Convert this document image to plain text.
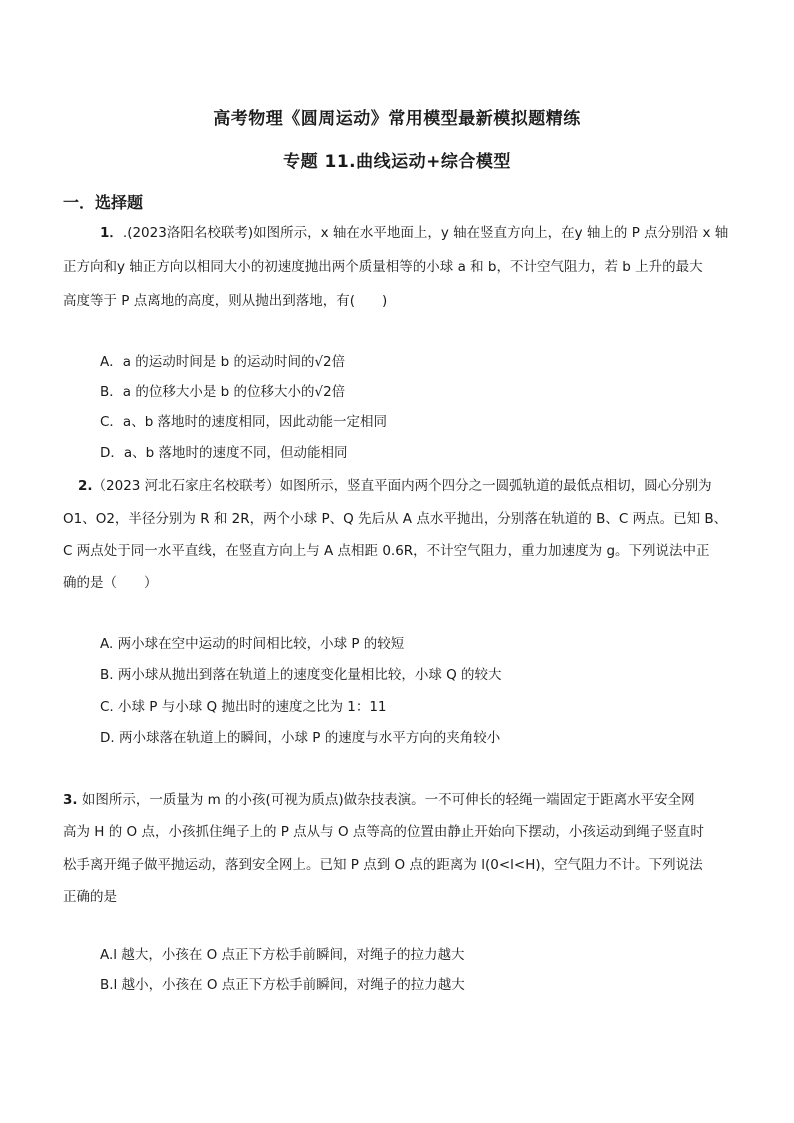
高考物理《圆周运动》常用模型最新模拟题精练
专题 11.曲线运动+综合模型
一．选择题
1．.(2023洛阳名校联考)如图所示，x 轴在水平地面上，y 轴在竖直方向上，在y 轴上的 P 点分别沿 x 轴
正方向和y 轴正方向以相同大小的初速度抛出两个质量相等的小球 a 和 b，不计空气阻力，若 b 上升的最大
高度等于 P 点离地的高度，则从抛出到落地，有(　　)
A．a 的运动时间是 b 的运动时间的√2倍
B．a 的位移大小是 b 的位移大小的√2倍
C．a、b 落地时的速度相同，因此动能一定相同
D．a、b 落地时的速度不同，但动能相同
2.（2023 河北石家庄名校联考）如图所示，竖直平面内两个四分之一圆弧轨道的最低点相切，圆心分别为
O1、O2，半径分别为 R 和 2R，两个小球 P、Q 先后从 A 点水平抛出，分别落在轨道的 B、C 两点。已知 B、
C 两点处于同一水平直线，在竖直方向上与 A 点相距 0.6R，不计空气阻力，重力加速度为 g。下列说法中正
确的是（　　）
A. 两小球在空中运动的时间相比较，小球 P 的较短
B. 两小球从抛出到落在轨道上的速度变化量相比较，小球 Q 的较大
C. 小球 P 与小球 Q 抛出时的速度之比为 1：11
D. 两小球落在轨道上的瞬间，小球 P 的速度与水平方向的夹角较小
3. 如图所示，一质量为 m 的小孩(可视为质点)做杂技表演。一不可伸长的轻绳一端固定于距离水平安全网
高为 H 的 O 点，小孩抓住绳子上的 P 点从与 O 点等高的位置由静止开始向下摆动，小孩运动到绳子竖直时
松手离开绳子做平抛运动，落到安全网上。已知 P 点到 O 点的距离为 l(0<l<H)，空气阻力不计。下列说法
正确的是
A.l 越大，小孩在 O 点正下方松手前瞬间，对绳子的拉力越大
B.l 越小，小孩在 O 点正下方松手前瞬间，对绳子的拉力越大
